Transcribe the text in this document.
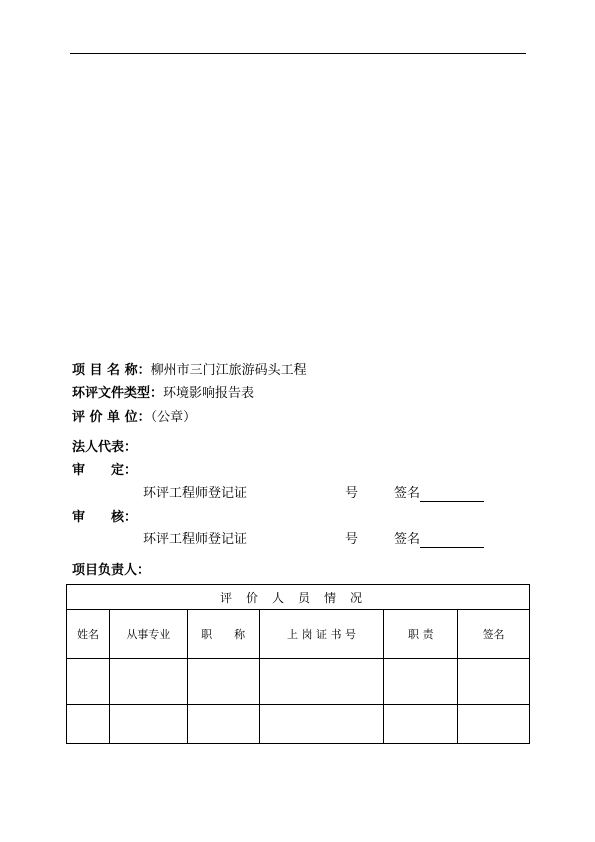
项 目 名 称：柳州市三门江旅游码头工程
环评文件类型：环境影响报告表
评 价 单 位：（公章）
法人代表：
审　　定：
环评工程师登记证	号	签名
审　　核：
环评工程师登记证	号	签名
项目负责人：
评价人员情况					
姓名	从事专业	职　　称	上 岗 证 书 号	职 责	签名
